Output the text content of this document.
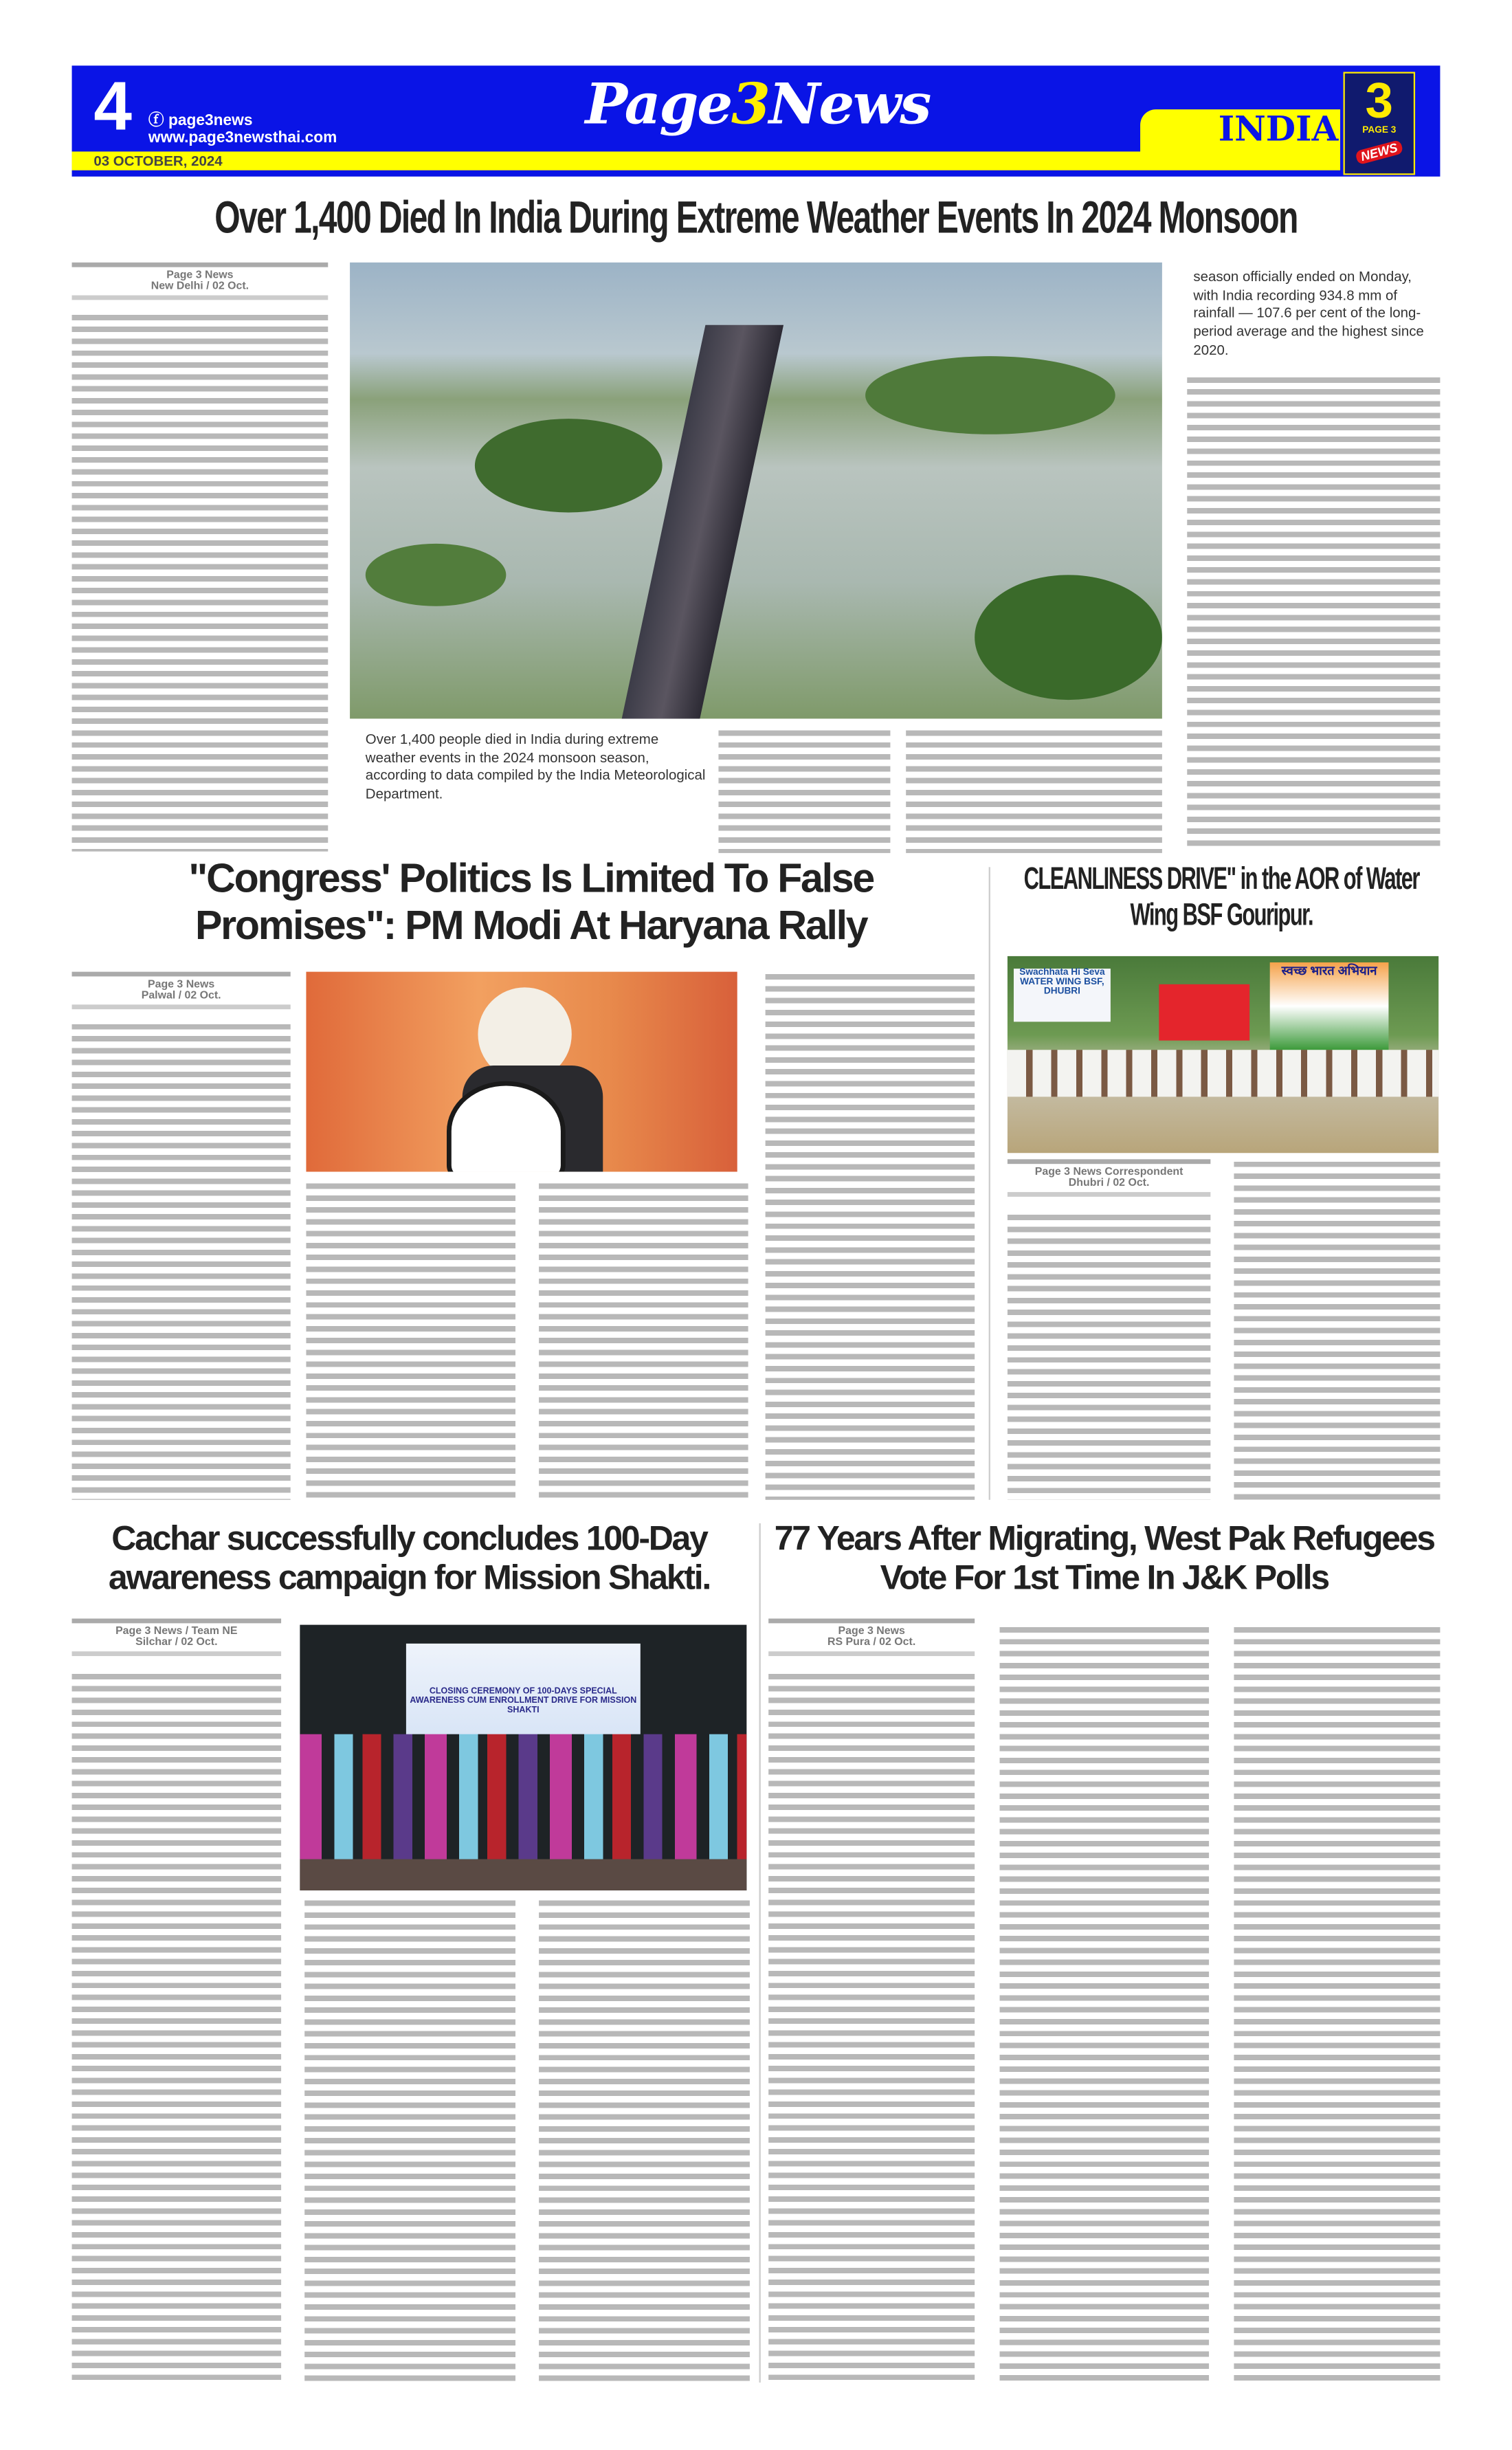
4 ⓕ page3news
www.page3newsthai.com
03 OCTOBER, 2024
Page3News	INDIA
3
PAGE 3
NEWS
Over 1,400 Died In India During Extreme Weather Events In 2024 Monsoon
Page 3 News
New Delhi / 02 Oct.
Over 1,400 people died in India during extreme weather events in the 2024 monsoon season, according to data compiled by the India Meteorological Department.
season officially ended on Monday, with India recording 934.8 mm of rainfall — 107.6 per cent of the long-period average and the highest since 2020.
"Congress' Politics Is Limited To False Promises": PM Modi At Haryana Rally
Page 3 News
Palwal / 02 Oct.
CLEANLINESS DRIVE" in the AOR of Water Wing BSF Gouripur.
Swachhata Hi Seva
WATER WING BSF, DHUBRI
स्वच्छ भारत अभियान
Page 3 News Correspondent
Dhubri / 02 Oct.
Cachar successfully concludes 100-Day awareness campaign for Mission Shakti.
Page 3 News / Team NE
Silchar / 02 Oct.
CLOSING CEREMONY OF 100-DAYS SPECIAL AWARENESS CUM ENROLLMENT DRIVE FOR MISSION SHAKTI
77 Years After Migrating, West Pak Refugees Vote For 1st Time In J&K Polls
Page 3 News
RS Pura / 02 Oct.
